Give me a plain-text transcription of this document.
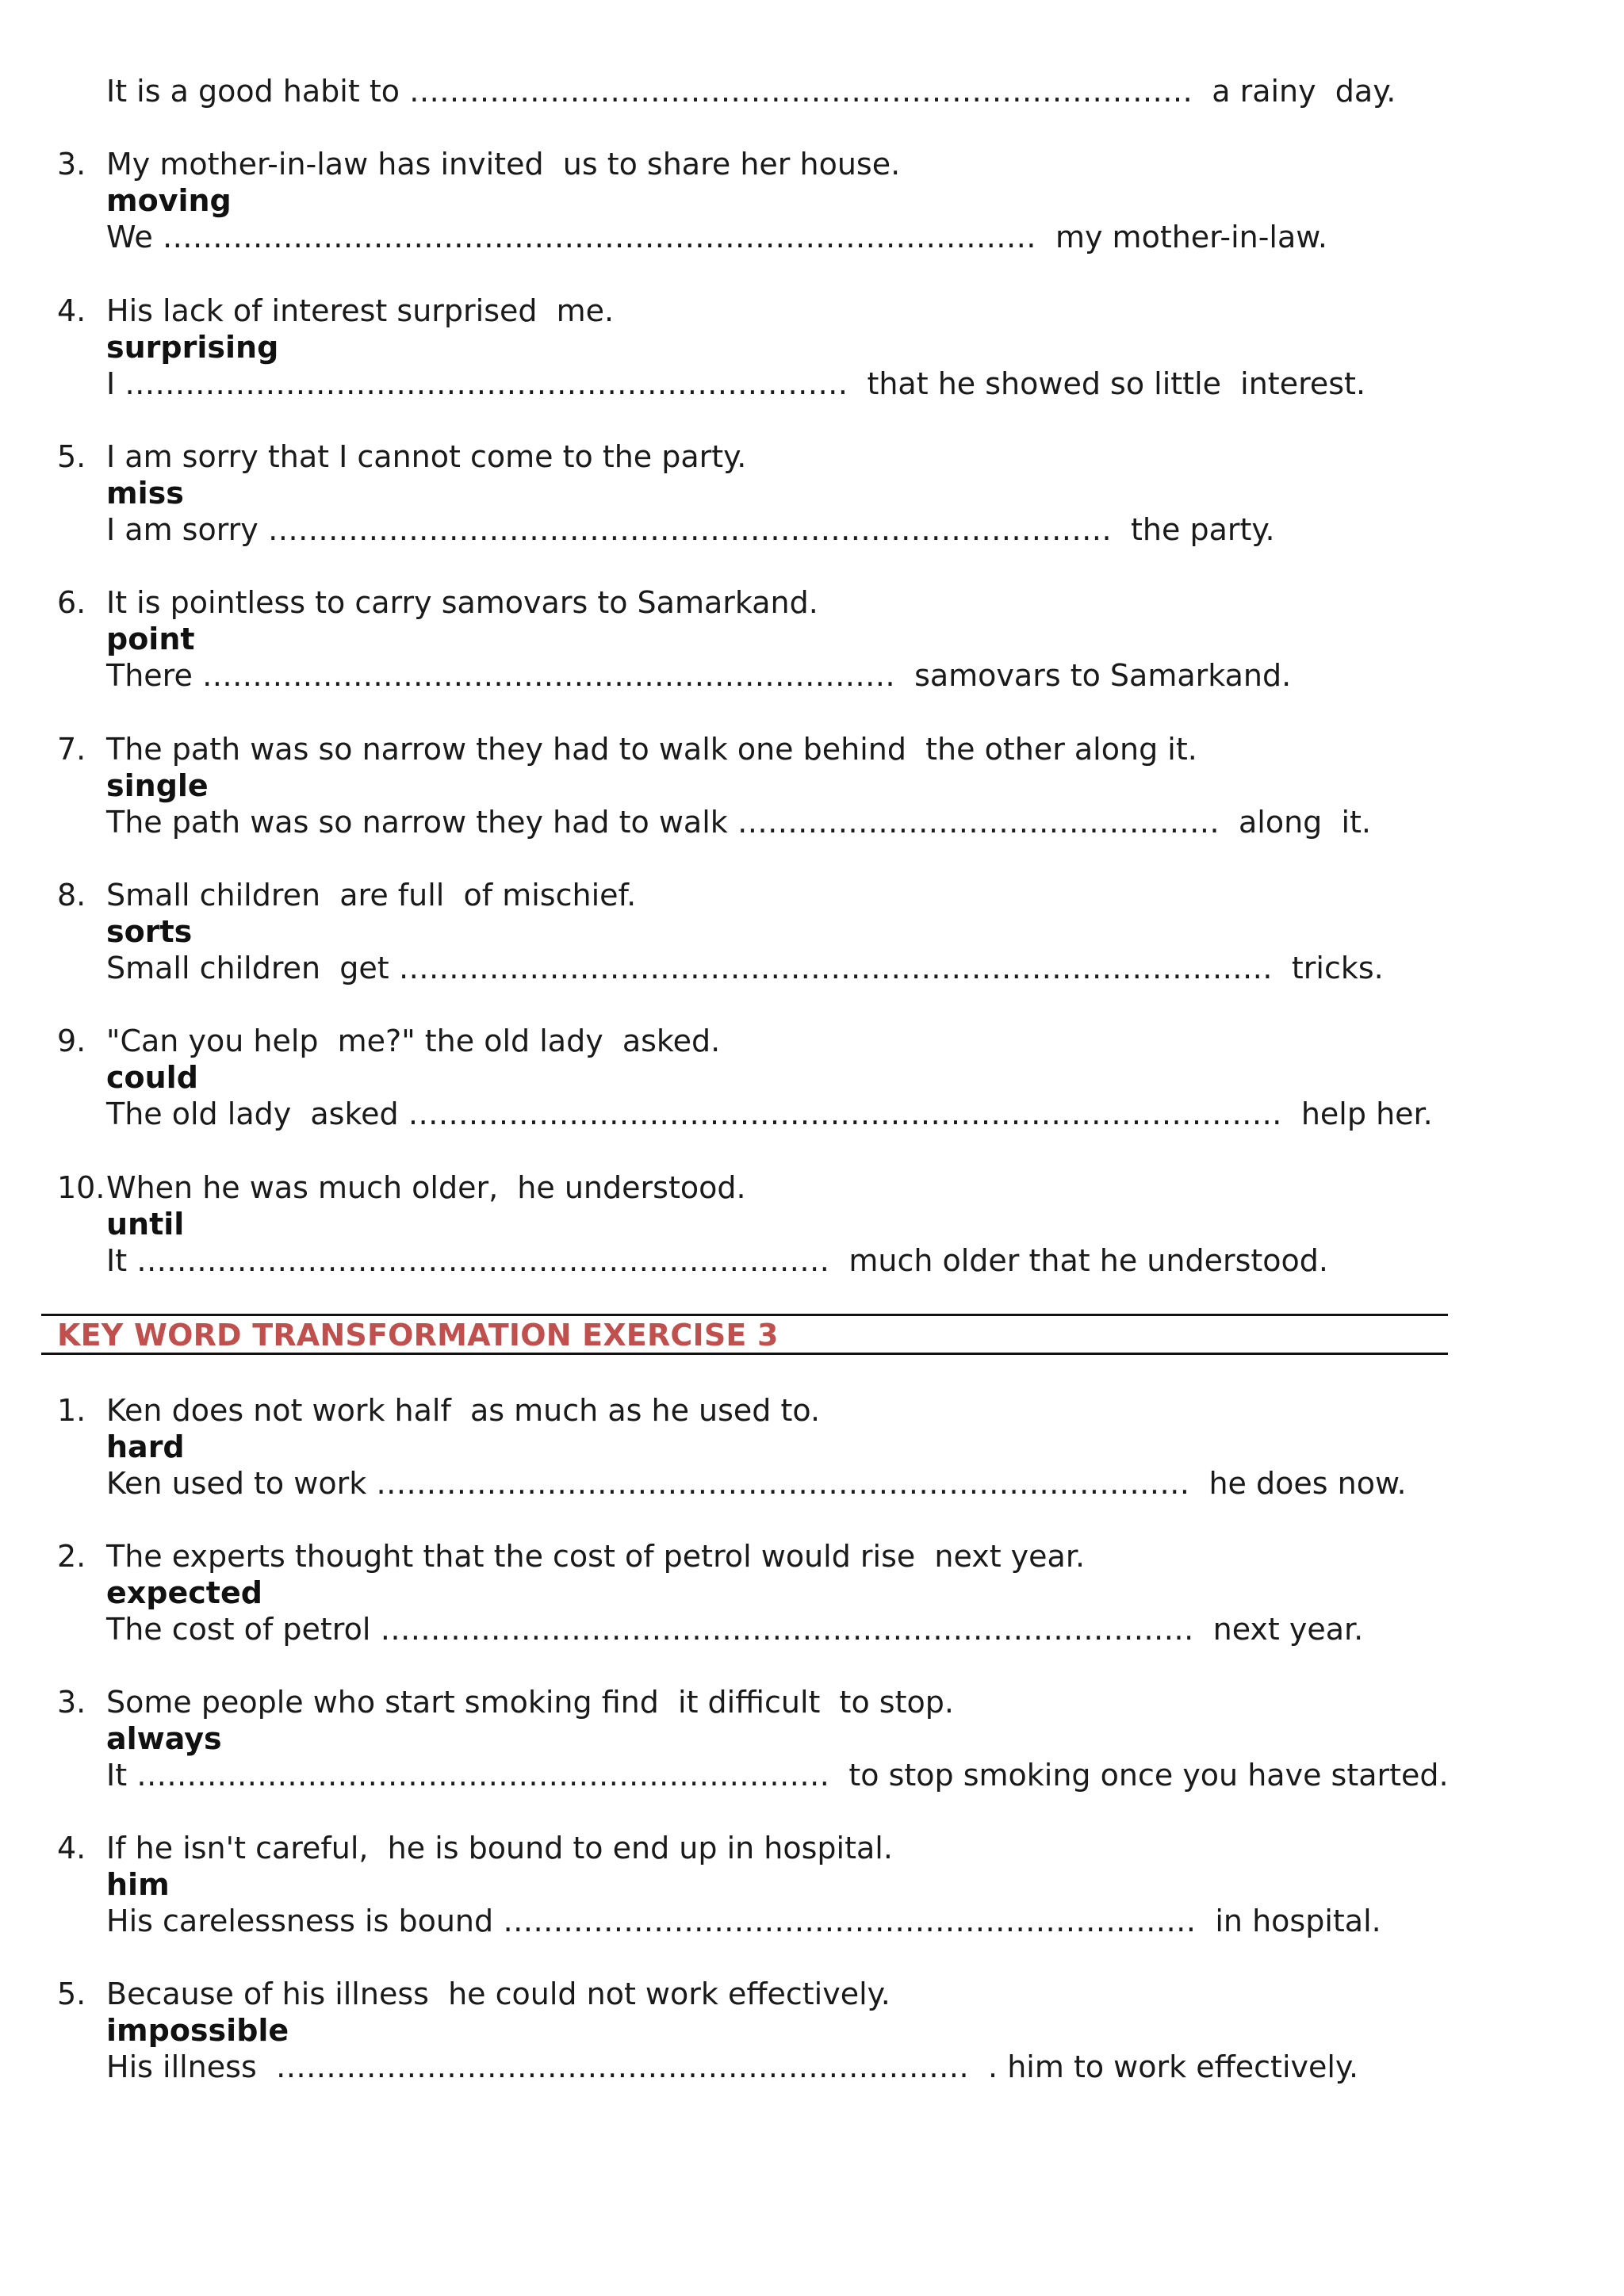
It is a good habit to ……………………………………………………………………  a rainy  day.
3. My mother-in-law has invited  us to share her house.
moving
We ……………………………………………………………………………  my mother-in-law.
4. His lack of interest surprised  me.
surprising
I ………………………………………………………………  that he showed so little  interest.
5. I am sorry that I cannot come to the party.
miss
I am sorry …………………………………………………………………………  the party.
6. It is pointless to carry samovars to Samarkand.
point
There ……………………………………………………………  samovars to Samarkand.
7. The path was so narrow they had to walk one behind  the other along it.
single
The path was so narrow they had to walk …………………………………………  along  it.
8. Small children  are full  of mischief.
sorts
Small children  get ……………………………………………………………………………  tricks.
9. "Can you help  me?" the old lady  asked.
could
The old lady  asked ……………………………………………………………………………  help her.
10. When he was much older,  he understood.
until
It ……………………………………………………………  much older that he understood.
KEY WORD TRANSFORMATION EXERCISE 3
1. Ken does not work half  as much as he used to.
hard
Ken used to work ………………………………………………………………………  he does now.
2. The experts thought that the cost of petrol would rise  next year.
expected
The cost of petrol ………………………………………………………………………  next year.
3. Some people who start smoking find  it difficult  to stop.
always
It ……………………………………………………………  to stop smoking once you have started.
4. If he isn't careful,  he is bound to end up in hospital.
him
His carelessness is bound ……………………………………………………………  in hospital.
5. Because of his illness  he could not work effectively.
impossible
His illness  ……………………………………………………………  . him to work effectively.
